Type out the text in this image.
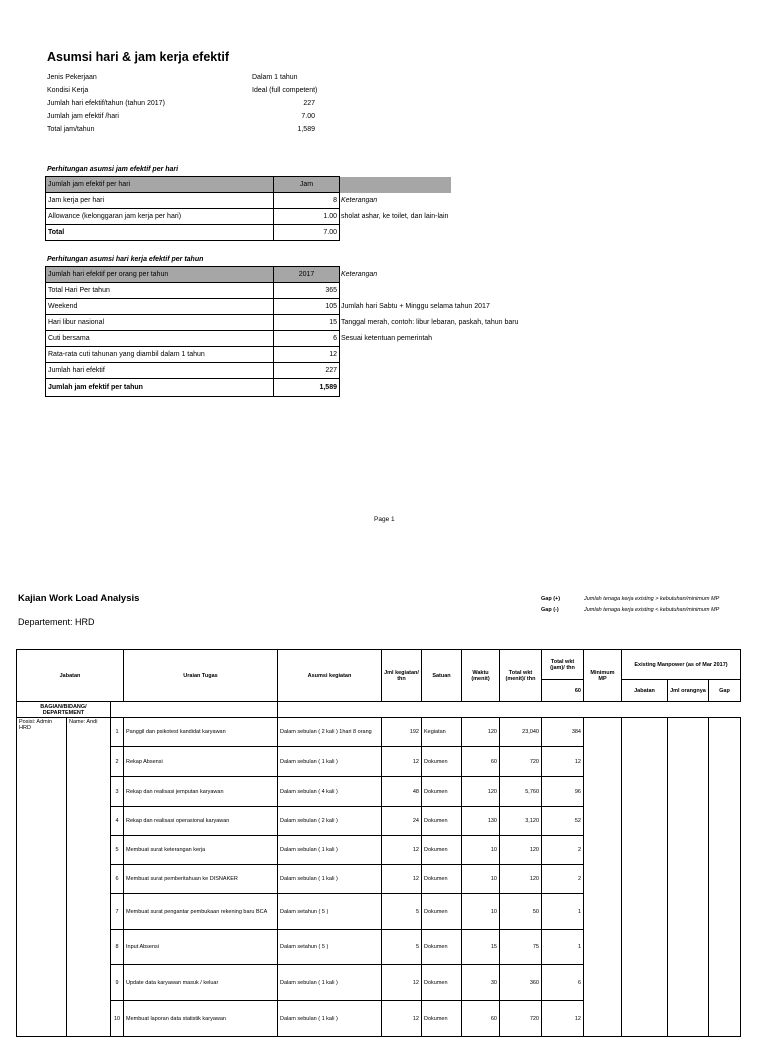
Asumsi hari & jam kerja efektif
Jenis Pekerjaan	Dalam 1 tahun
Kondisi Kerja	Ideal (full competent)
Jumlah hari efektif/tahun (tahun 2017)	227
Jumlah jam efektif /hari	7.00
Total jam/tahun	1,589
Perhitungan asumsi jam efektif per hari
Jumlah jam efektif per hari	Jam	
Jam kerja per hari	8	Keterangan
Allowance (kelonggaran jam kerja per hari)	1.00	sholat ashar, ke toilet, dan lain-lain
Total	7.00	
Perhitungan asumsi hari kerja efektif per tahun
Jumlah hari efektif per orang per tahun	2017	Keterangan
Total Hari Per tahun	365	
Weekend	105	Jumlah hari Sabtu + Minggu selama tahun 2017
Hari libur nasional	15	Tanggal merah, contoh: libur lebaran, paskah, tahun baru
Cuti bersama	6	Sesuai ketentuan pemerintah
Rata-rata cuti tahunan yang diambil dalam 1 tahun	12	
Jumlah hari efektif	227	
Jumlah jam efektif per tahun	1,589	
Page 1
Kajian Work Load Analysis
Departement: HRD
Gap (+)	Jumlah tenaga kerja existing > kebutuhan/minimum MP
Gap (-)	Jumlah tenaga kerja existing < kebutuhan/minimum MP
Jabatan			Uraian Tugas	Asumsi kegiatan	Jml kegiatan/ thn	Satuan	Waktu (menit)	Total wkt (menit)/ thn	Total wkt (jam)/ thn	Minimum MP	Existing Manpower (as of Mar 2017)		
									60		Jabatan	Jml orangnya	Gap
BAGIAN/BIDANG/ DEPARTEMENT													
Posisi: Admin HRD	Name: Andi	1	Panggil dan psikotest kandidat karyawan	Dalam sebulan ( 2 kali ) 1hari 8 orang	192	Kegiatan	120	23,040	384				
		2	Rekap Absensi	Dalam sebulan ( 1 kali )	12	Dokumen	60	720	12				
		3	Rekap dan realisasi jemputan karyawan	Dalam sebulan ( 4 kali )	48	Dokumen	120	5,760	96				
		4	Rekap dan realisasi operasional karyawan	Dalam sebulan ( 2 kali )	24	Dokumen	130	3,120	52				
		5	Membuat surat keterangan kerja	Dalam sebulan ( 1 kali )	12	Dokumen	10	120	2				
		6	Membuat surat pemberitahuan ke DISNAKER	Dalam sebulan ( 1 kali )	12	Dokumen	10	120	2				
		7	Membuat surat pengantar pembukaan rekening baru BCA	Dalam setahun ( 5 )	5	Dokumen	10	50	1				
		8	Input Absensi	Dalam setahun ( 5 )	5	Dokumen	15	75	1				
		9	Update data karyawan masuk / keluar	Dalam sebulan ( 1 kali )	12	Dokumen	30	360	6				
		10	Membuat laporan data statistik karyawan	Dalam sebulan ( 1 kali )	12	Dokumen	60	720	12				
